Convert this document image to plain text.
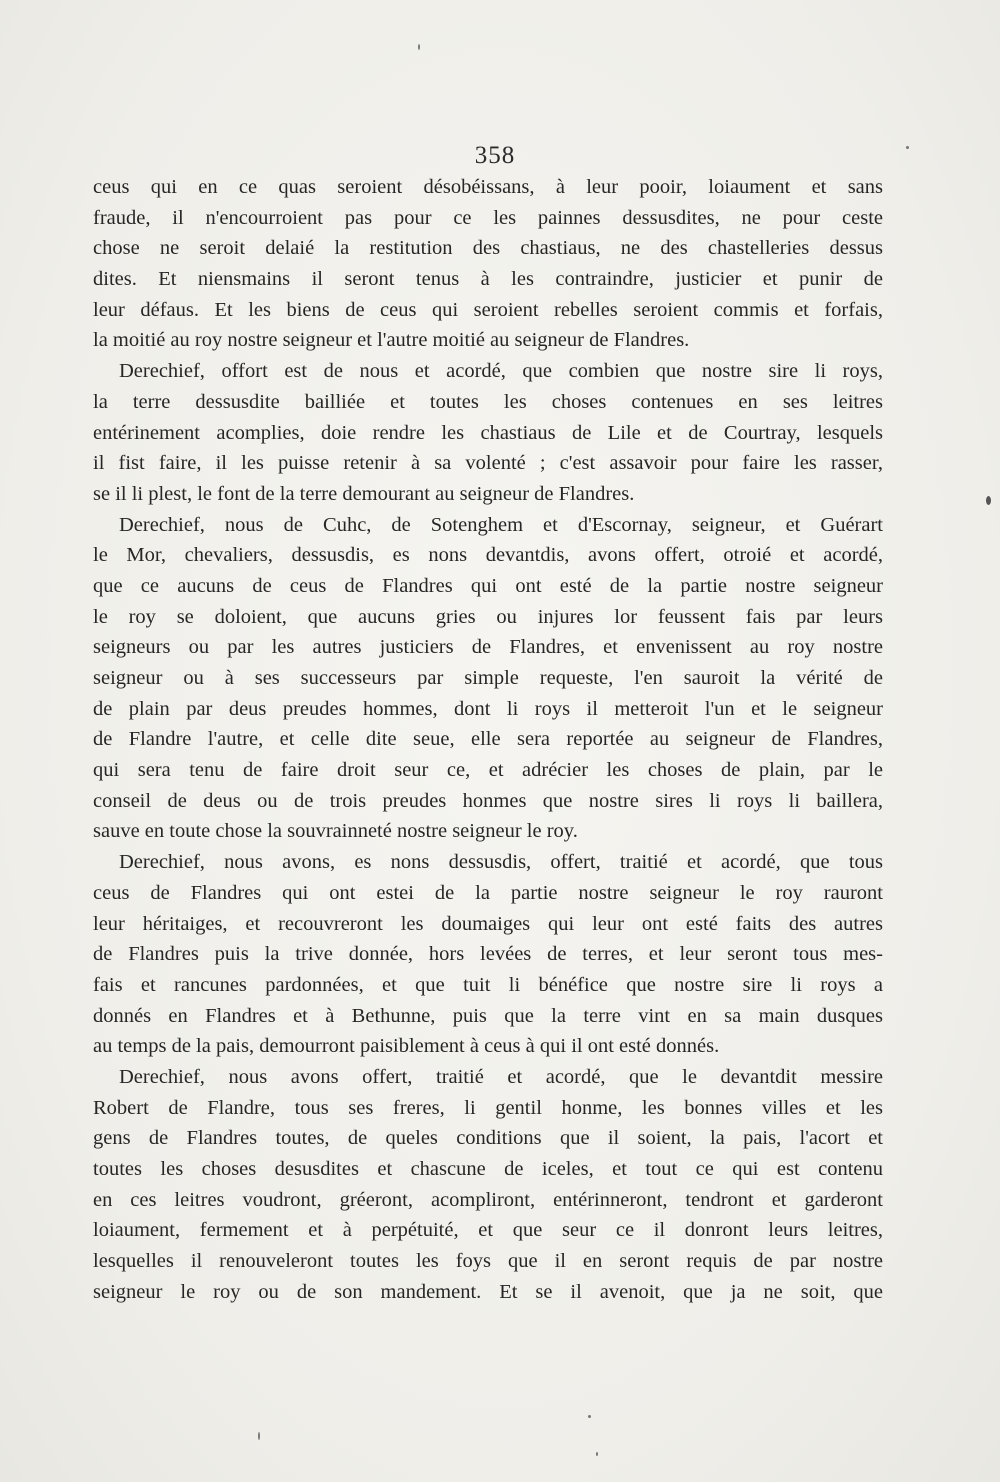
358
ceus qui en ce quas seroient désobéissans, à leur pooir, loiaument et sans
fraude, il n'encourroient pas pour ce les painnes dessusdites, ne pour ceste
chose ne seroit delaié la restitution des chastiaus, ne des chastelleries dessus
dites. Et niensmains il seront tenus à les contraindre, justicier et punir de
leur défaus. Et les biens de ceus qui seroient rebelles seroient commis et forfais,
la moitié au roy nostre seigneur et l'autre moitié au seigneur de Flandres.
Derechief, offort est de nous et acordé, que combien que nostre sire li roys,
la terre dessusdite bailliée et toutes les choses contenues en ses leitres
entérinement acomplies, doie rendre les chastiaus de Lile et de Courtray, lesquels
il fist faire, il les puisse retenir à sa volenté ; c'est assavoir pour faire les rasser,
se il li plest, le font de la terre demourant au seigneur de Flandres.
Derechief, nous de Cuhc, de Sotenghem et d'Escornay, seigneur, et Guérart
le Mor, chevaliers, dessusdis, es nons devantdis, avons offert, otroié et acordé,
que ce aucuns de ceus de Flandres qui ont esté de la partie nostre seigneur
le roy se doloient, que aucuns gries ou injures lor feussent fais par leurs
seigneurs ou par les autres justiciers de Flandres, et envenissent au roy nostre
seigneur ou à ses successeurs par simple requeste, l'en sauroit la vérité de
de plain par deus preudes hommes, dont li roys il metteroit l'un et le seigneur
de Flandre l'autre, et celle dite seue, elle sera reportée au seigneur de Flandres,
qui sera tenu de faire droit seur ce, et adrécier les choses de plain, par le
conseil de deus ou de trois preudes honmes que nostre sires li roys li baillera,
sauve en toute chose la souvrainneté nostre seigneur le roy.
Derechief, nous avons, es nons dessusdis, offert, traitié et acordé, que tous
ceus de Flandres qui ont estei de la partie nostre seigneur le roy rauront
leur héritaiges, et recouvreront les doumaiges qui leur ont esté faits des autres
de Flandres puis la trive donnée, hors levées de terres, et leur seront tous mes-
fais et rancunes pardonnées, et que tuit li bénéfice que nostre sire li roys a
donnés en Flandres et à Bethunne, puis que la terre vint en sa main dusques
au temps de la pais, demourront paisiblement à ceus à qui il ont esté donnés.
Derechief, nous avons offert, traitié et acordé, que le devantdit messire
Robert de Flandre, tous ses freres, li gentil honme, les bonnes villes et les
gens de Flandres toutes, de queles conditions que il soient, la pais, l'acort et
toutes les choses desusdites et chascune de iceles, et tout ce qui est contenu
en ces leitres voudront, gréeront, acompliront, entérinneront, tendront et garderont
loiaument, fermement et à perpétuité, et que seur ce il donront leurs leitres,
lesquelles il renouveleront toutes les foys que il en seront requis de par nostre
seigneur le roy ou de son mandement. Et se il avenoit, que ja ne soit, que
